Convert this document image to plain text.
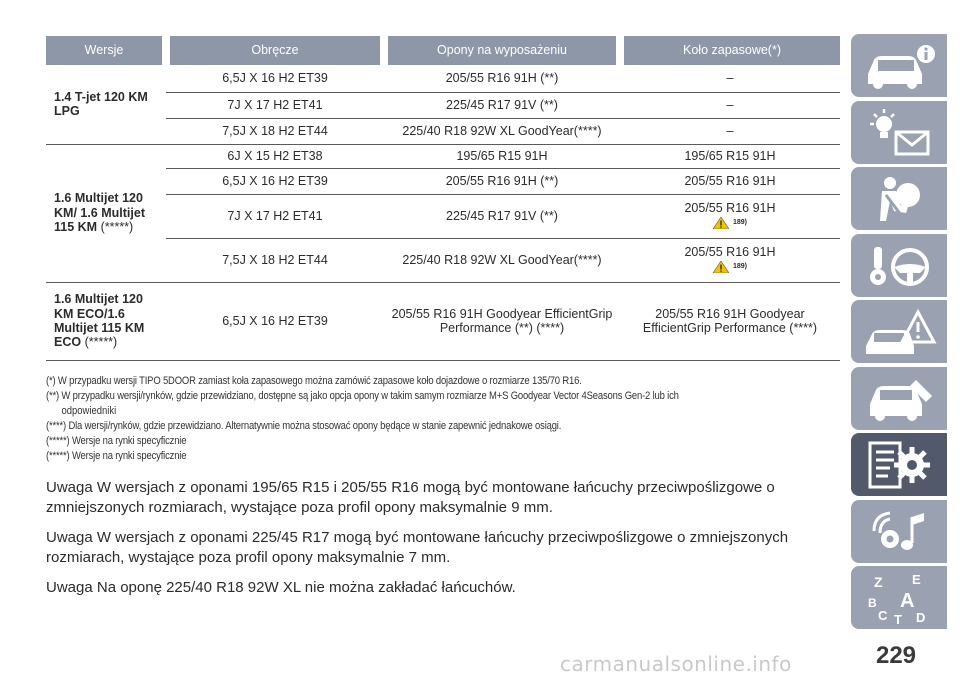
Wersje	Obręcze	Opony na wyposażeniu	Koło zapasowe(*)
1.4 T-jet 120 KM LPG	6,5J X 16 H2 ET39	205/55 R16 91H (**)	–
	7J X 17 H2 ET41	225/45 R17 91V (**)	–
	7,5J X 18 H2 ET44	225/40 R18 92W XL GoodYear(****)	–
1.6 Multijet 120 KM/ 1.6 Multijet 115 KM (*****)	6J X 15 H2 ET38	195/65 R15 91H	195/65 R15 91H
	6,5J X 16 H2 ET39	205/55 R16 91H (**)	205/55 R16 91H
	7J X 17 H2 ET41	225/45 R17 91V (**)	205/55 R16 91H
189)

	7,5J X 18 H2 ET44	225/40 R18 92W XL GoodYear(****)	205/55 R16 91H
189)

1.6 Multijet 120 KM ECO/1.6 Multijet 115 KM ECO (*****)	6,5J X 16 H2 ET39	205/55 R16 91H Goodyear EfficientGrip Performance (**) (****)	205/55 R16 91H Goodyear EfficientGrip Performance (****)
(*) W przypadku wersji TIPO 5DOOR zamiast koła zapasowego można zamówić zapasowe koło dojazdowe o rozmiarze 135/70 R16.
(**) W przypadku wersji/rynków, gdzie przewidziano, dostępne są jako opcja opony w takim samym rozmiarze M+S Goodyear Vector 4Seasons Gen-2 lub ich
odpowiedniki
(****) Dla wersji/rynków, gdzie przewidziano. Alternatywnie można stosować opony będące w stanie zapewnić jednakowe osiągi.
(*****) Wersje na rynki specyficznie
(*****) Wersje na rynki specyficznie

Uwaga W wersjach z oponami 195/65 R15 i 205/55 R16 mogą być montowane łańcuchy przeciwpoślizgowe o zmniejszonych rozmiarach, wystające poza profil opony maksymalnie 9 mm.

Uwaga W wersjach z oponami 225/45 R17 mogą być montowane łańcuchy przeciwpoślizgowe o zmniejszonych rozmiarach, wystające poza profil opony maksymalnie 7 mm.

Uwaga Na oponę 225/40 R18 92W XL nie można zakładać łańcuchów.	Z E
B A
C T D
carmanualsonline.info	229
